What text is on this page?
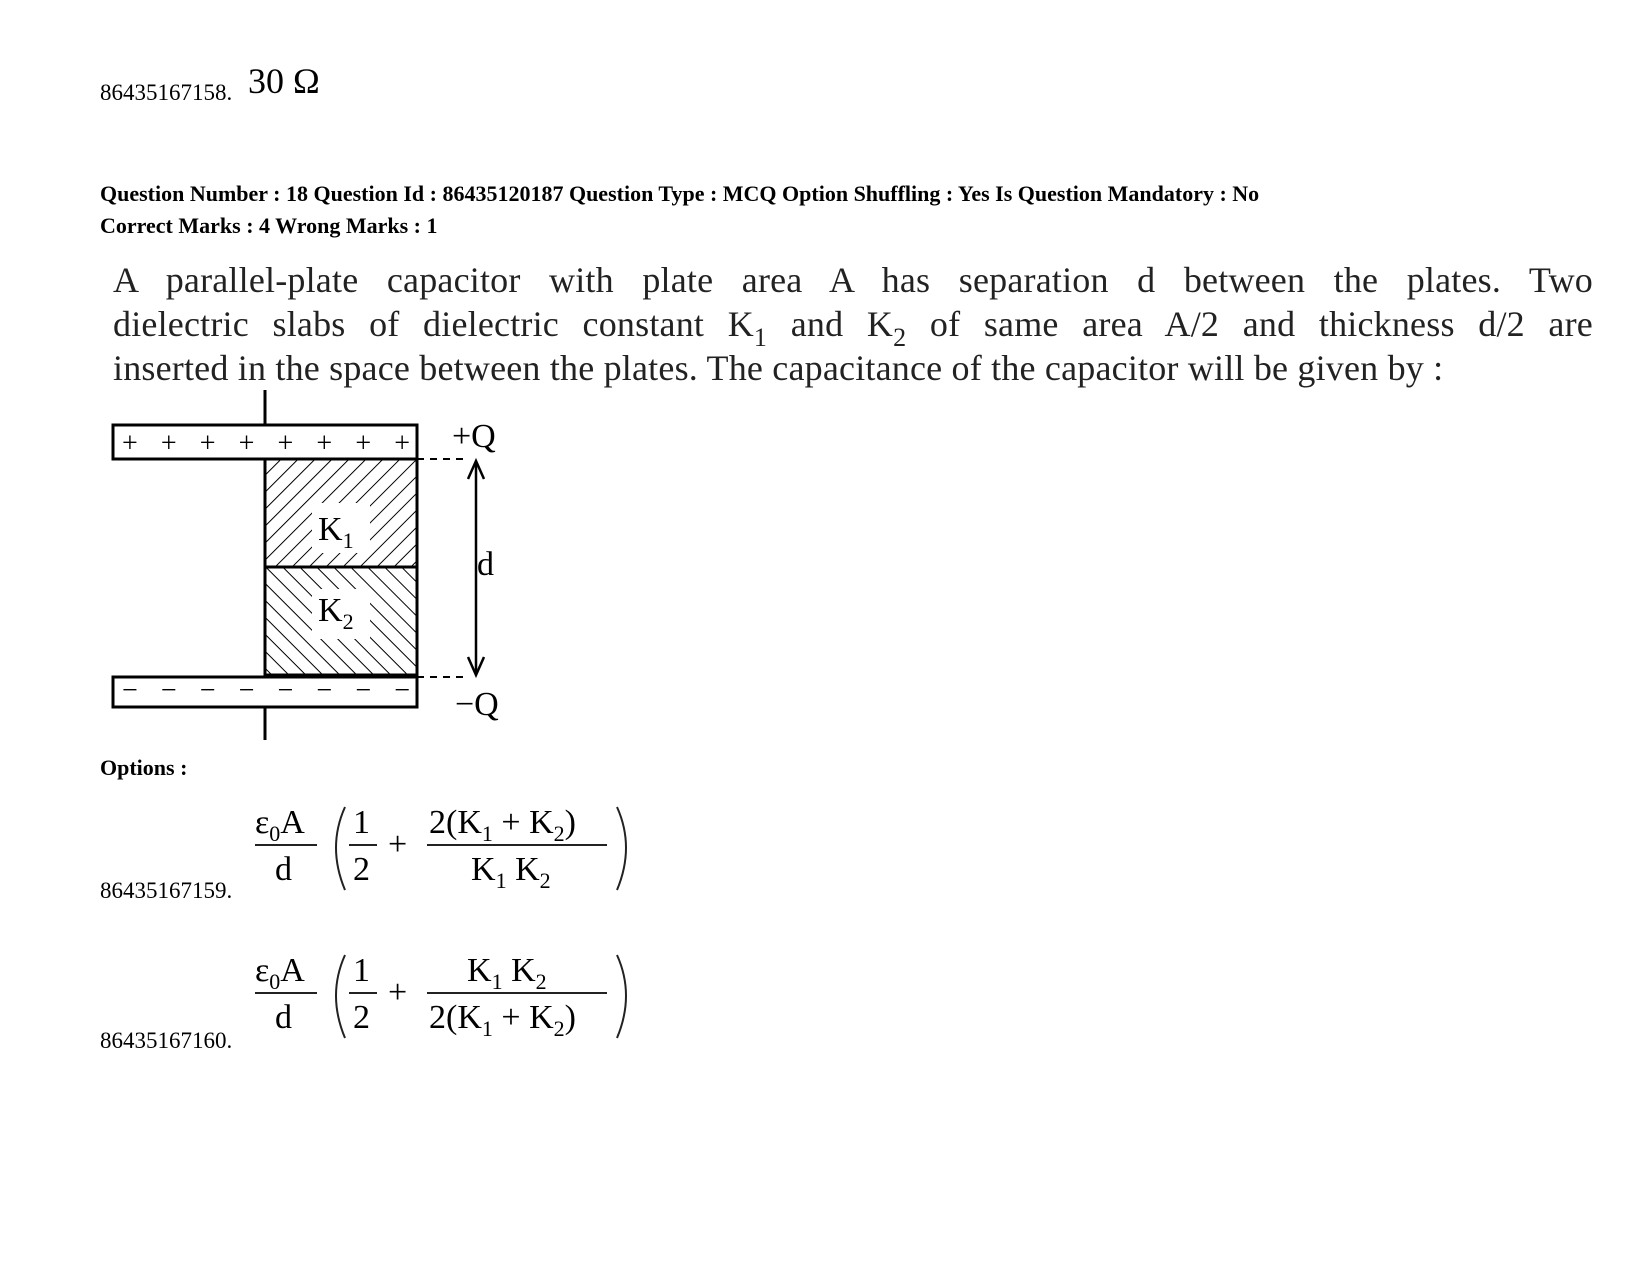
86435167158. 30 Ω
Question Number : 18 Question Id : 86435120187 Question Type : MCQ Option Shuffling : Yes Is Question Mandatory : No
Correct Marks : 4 Wrong Marks : 1
A parallel-plate capacitor with plate area A has separation d between the plates. Two
dielectric slabs of dielectric constant $K_1$ and $K_2$ of same area A/2 and thickness d/2 are
inserted in the space between the plates. The capacitance of the capacitor will be given by :
+ + + + + + + +
$K_1$
$K_2$
− − − − − − − −
d
+Q
−Q
Options :
86435167159.
$\varepsilon_0A$
d
1
2
+
$2(K_1 + K_2)$
$K_1$ $K_2$
86435167160.
$\varepsilon_0A$
d
1
2
+
$K_1$ $K_2$
$2(K_1 + K_2)$
